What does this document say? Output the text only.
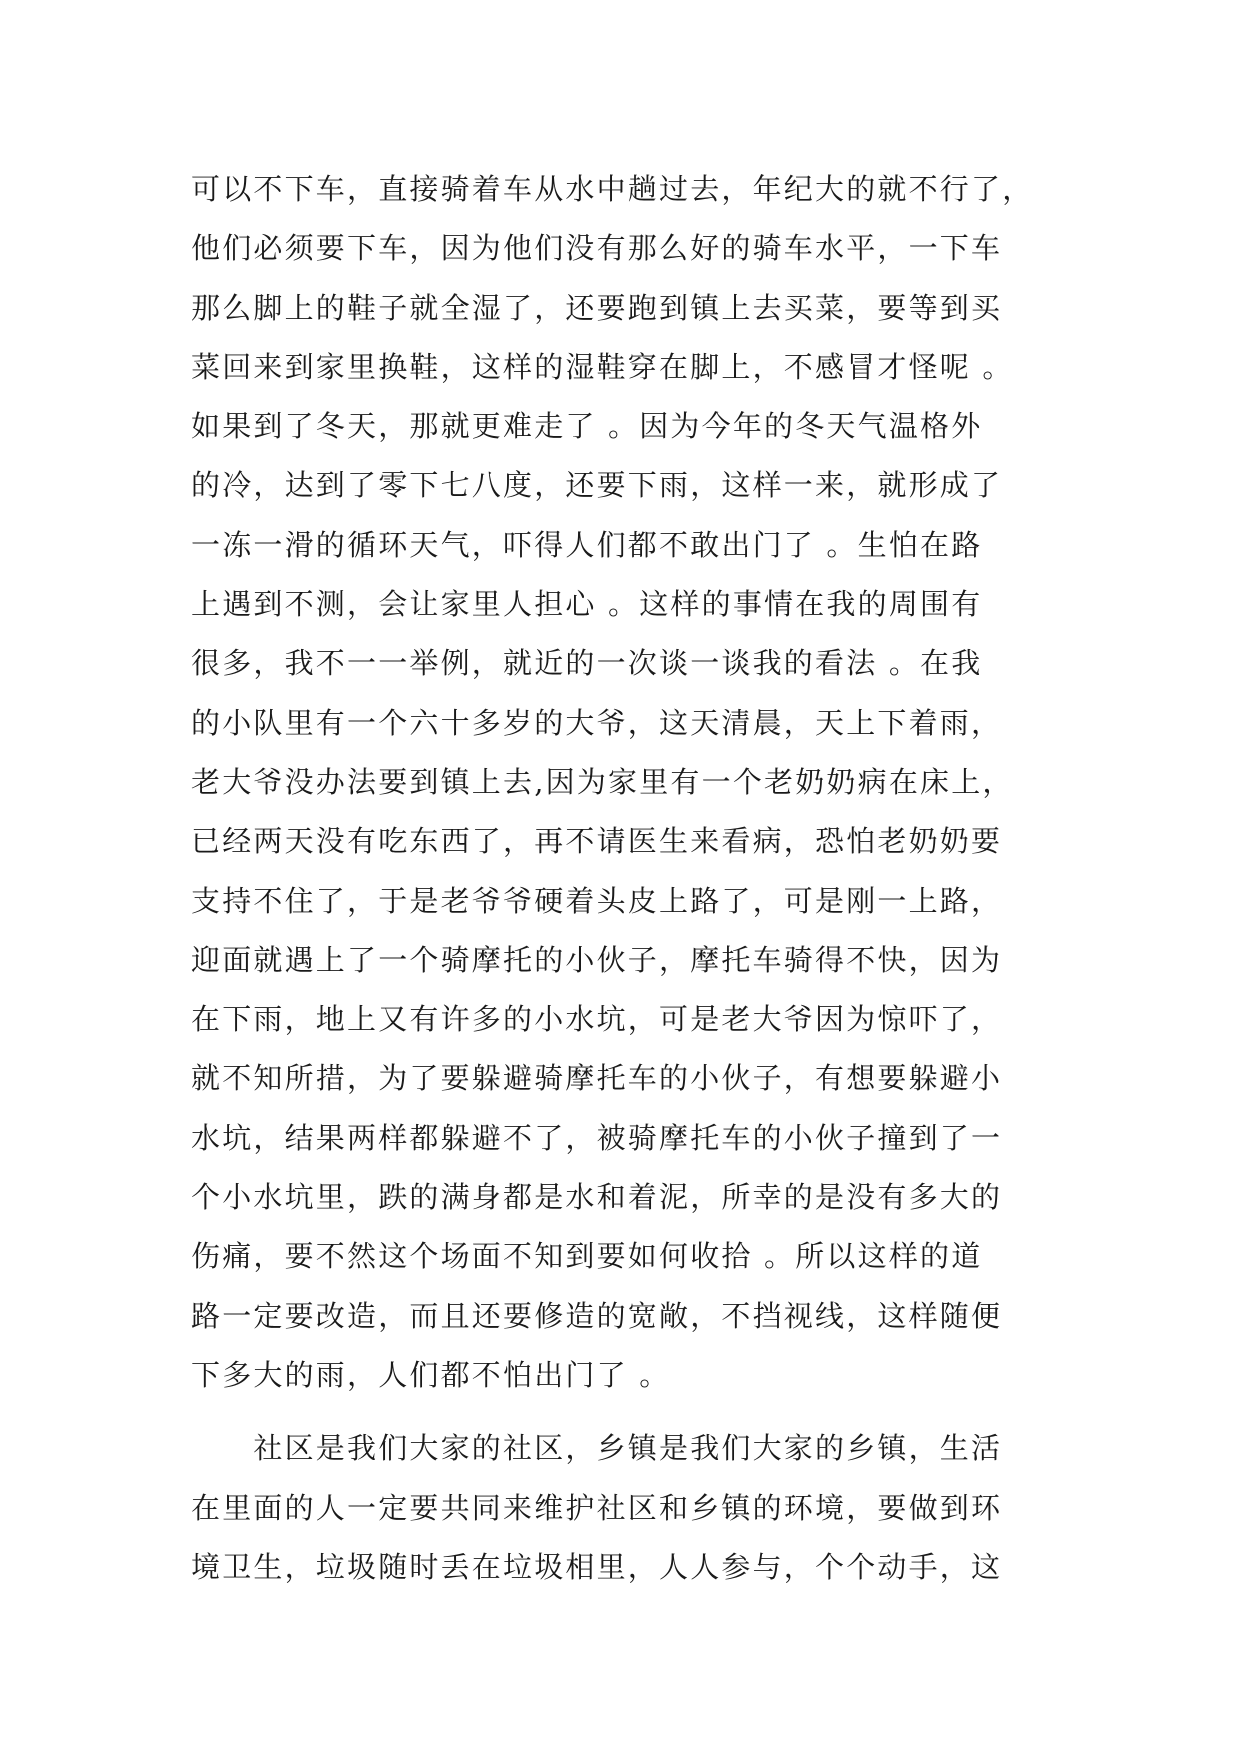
可以不下车，直接骑着车从水中趟过去，年纪大的就不行了，
他们必须要下车，因为他们没有那么好的骑车水平，一下车
那么脚上的鞋子就全湿了，还要跑到镇上去买菜，要等到买
菜回来到家里换鞋，这样的湿鞋穿在脚上，不感冒才怪呢 。
如果到了冬天，那就更难走了 。因为今年的冬天气温格外
的冷，达到了零下七八度，还要下雨，这样一来，就形成了
一冻一滑的循环天气，吓得人们都不敢出门了 。生怕在路
上遇到不测，会让家里人担心 。这样的事情在我的周围有
很多，我不一一举例，就近的一次谈一谈我的看法 。在我
的小队里有一个六十多岁的大爷，这天清晨，天上下着雨，
老大爷没办法要到镇上去,因为家里有一个老奶奶病在床上，
已经两天没有吃东西了，再不请医生来看病，恐怕老奶奶要
支持不住了，于是老爷爷硬着头皮上路了，可是刚一上路，
迎面就遇上了一个骑摩托的小伙子，摩托车骑得不快，因为
在下雨，地上又有许多的小水坑，可是老大爷因为惊吓了，
就不知所措，为了要躲避骑摩托车的小伙子，有想要躲避小
水坑，结果两样都躲避不了，被骑摩托车的小伙子撞到了一
个小水坑里，跌的满身都是水和着泥，所幸的是没有多大的
伤痛，要不然这个场面不知到要如何收拾 。所以这样的道
路一定要改造，而且还要修造的宽敞，不挡视线，这样随便
下多大的雨，人们都不怕出门了 。
　　社区是我们大家的社区，乡镇是我们大家的乡镇，生活
在里面的人一定要共同来维护社区和乡镇的环境，要做到环
境卫生，垃圾随时丢在垃圾相里，人人参与，个个动手，这
